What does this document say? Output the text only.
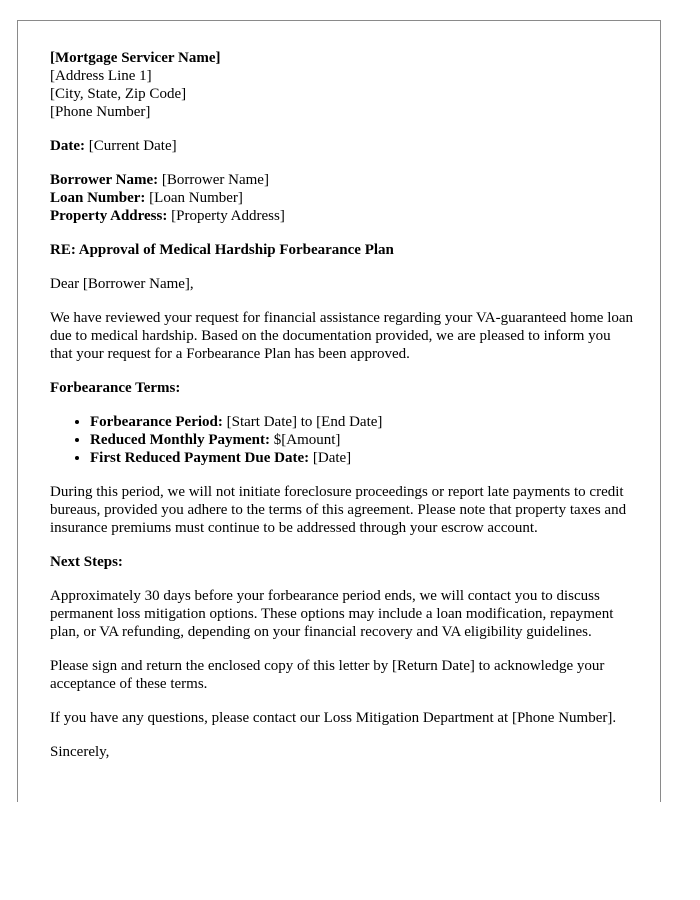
[Mortgage Servicer Name]
[Address Line 1]
[City, State, Zip Code]
[Phone Number]

Date: [Current Date]

Borrower Name: [Borrower Name]
Loan Number: [Loan Number]
Property Address: [Property Address]

RE: Approval of Medical Hardship Forbearance Plan

Dear [Borrower Name],

We have reviewed your request for financial assistance regarding your VA-guaranteed home loan due to medical hardship. Based on the documentation provided, we are pleased to inform you that your request for a Forbearance Plan has been approved.

Forbearance Terms:

• Forbearance Period: [Start Date] to [End Date]
• Reduced Monthly Payment: $[Amount]
• First Reduced Payment Due Date: [Date]

During this period, we will not initiate foreclosure proceedings or report late payments to credit bureaus, provided you adhere to the terms of this agreement. Please note that property taxes and insurance premiums must continue to be addressed through your escrow account.

Next Steps:

Approximately 30 days before your forbearance period ends, we will contact you to discuss permanent loss mitigation options. These options may include a loan modification, repayment plan, or VA refunding, depending on your financial recovery and VA eligibility guidelines.

Please sign and return the enclosed copy of this letter by [Return Date] to acknowledge your acceptance of these terms.

If you have any questions, please contact our Loss Mitigation Department at [Phone Number].

Sincerely,
